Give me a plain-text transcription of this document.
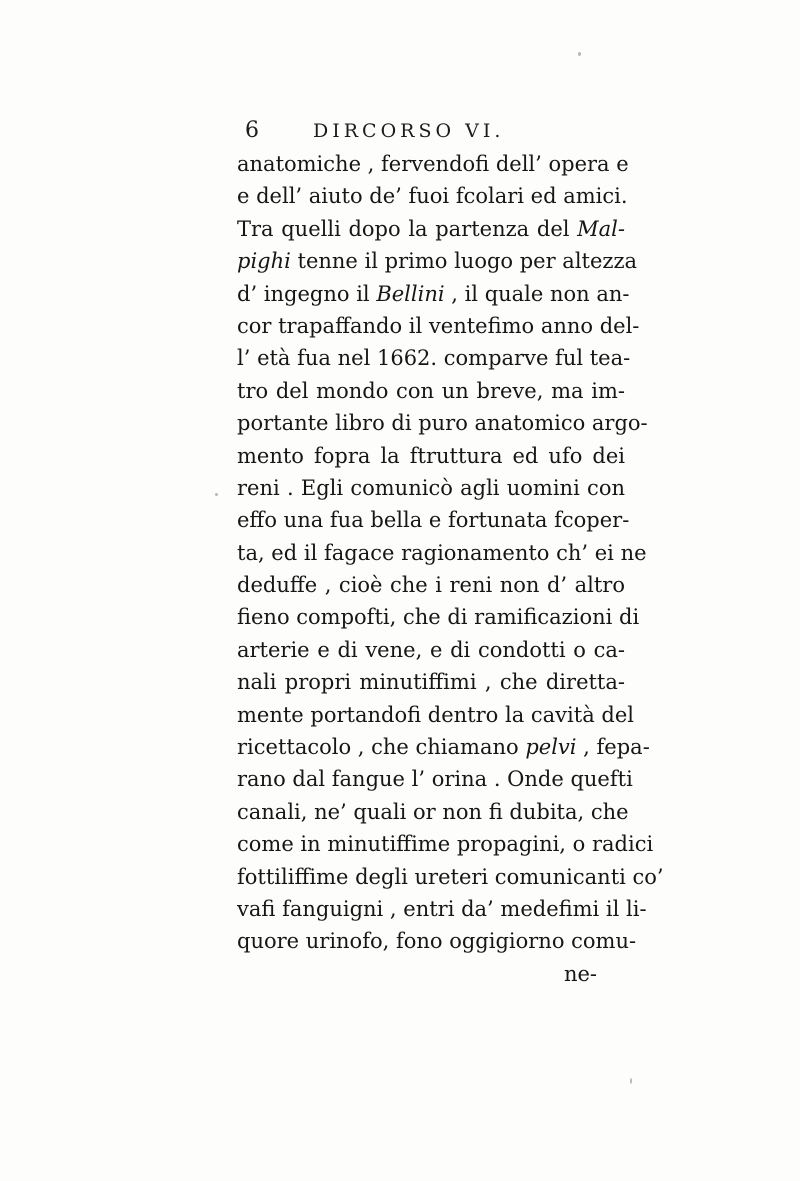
6	DIRCORSO VI.
anatomiche , fervendofi dell’ opera e
e dell’ aiuto de’ fuoi fcolari ed amici.
Tra quelli dopo la partenza del Mal-
pighi tenne il primo luogo per altezza
d’ ingegno il Bellini , il quale non an-
cor trapaffando il ventefimo anno del-
l’ età fua nel 1662. comparve ful tea-
tro del mondo con un breve, ma im-
portante libro di puro anatomico argo-
mento fopra la ftruttura ed ufo dei
reni . Egli comunicò agli uomini con
effo una fua bella e fortunata fcoper-
ta, ed il fagace ragionamento ch’ ei ne
deduffe , cioè che i reni non d’ altro
fieno compofti, che di ramificazioni di
arterie e di vene, e di condotti o ca-
nali propri minutiffimi , che diretta-
mente portandofi dentro la cavità del
ricettacolo , che chiamano pelvi , fepa-
rano dal fangue l’ orina . Onde quefti
canali, ne’ quali or non fi dubita, che
come in minutiffime propagini, o radici
fottiliffime degli ureteri comunicanti co’
vafi fanguigni , entri da’ medefimi il li-
quore urinofo, fono oggigiorno comu-
ne-
